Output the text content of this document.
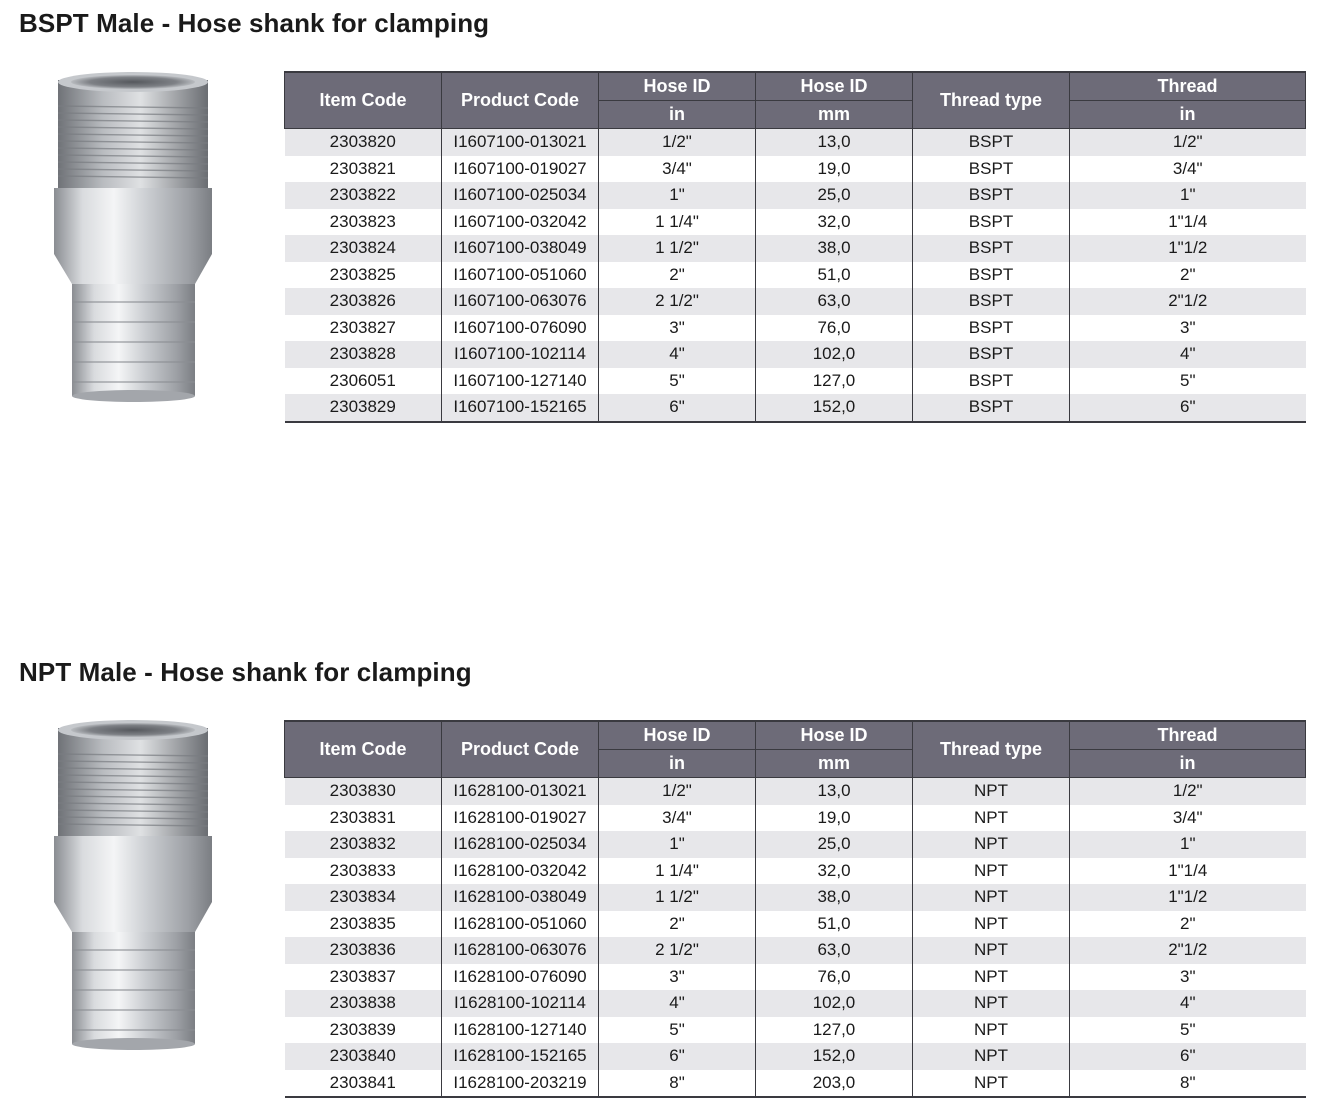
BSPT Male - Hose shank for clamping
Item Code	Product Code	Hose ID	Hose ID	Thread type	Thread
		in	mm		in
2303820	I1607100-013021	1/2"	13,0	BSPT	1/2"
2303821	I1607100-019027	3/4"	19,0	BSPT	3/4"
2303822	I1607100-025034	1"	25,0	BSPT	1"
2303823	I1607100-032042	1 1/4"	32,0	BSPT	1"1/4
2303824	I1607100-038049	1 1/2"	38,0	BSPT	1"1/2
2303825	I1607100-051060	2"	51,0	BSPT	2"
2303826	I1607100-063076	2 1/2"	63,0	BSPT	2"1/2
2303827	I1607100-076090	3"	76,0	BSPT	3"
2303828	I1607100-102114	4"	102,0	BSPT	4"
2306051	I1607100-127140	5"	127,0	BSPT	5"
2303829	I1607100-152165	6"	152,0	BSPT	6"
NPT Male - Hose shank for clamping
Item Code	Product Code	Hose ID	Hose ID	Thread type	Thread
		in	mm		in
2303830	I1628100-013021	1/2"	13,0	NPT	1/2"
2303831	I1628100-019027	3/4"	19,0	NPT	3/4"
2303832	I1628100-025034	1"	25,0	NPT	1"
2303833	I1628100-032042	1 1/4"	32,0	NPT	1"1/4
2303834	I1628100-038049	1 1/2"	38,0	NPT	1"1/2
2303835	I1628100-051060	2"	51,0	NPT	2"
2303836	I1628100-063076	2 1/2"	63,0	NPT	2"1/2
2303837	I1628100-076090	3"	76,0	NPT	3"
2303838	I1628100-102114	4"	102,0	NPT	4"
2303839	I1628100-127140	5"	127,0	NPT	5"
2303840	I1628100-152165	6"	152,0	NPT	6"
2303841	I1628100-203219	8"	203,0	NPT	8"
